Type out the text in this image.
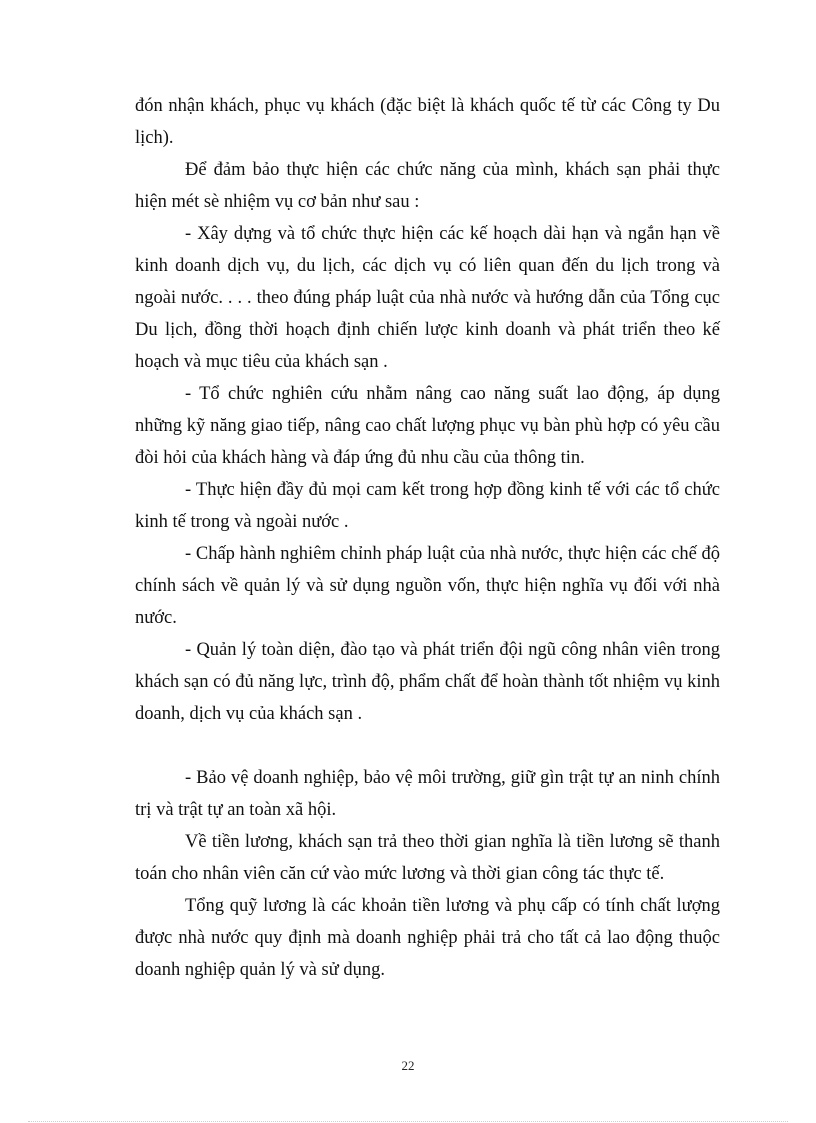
đón nhận khách, phục vụ khách (đặc biệt là khách quốc tế từ các Công ty Du lịch).

Để đảm bảo thực hiện các chức năng của mình, khách sạn phải thực hiện mét sè nhiệm vụ cơ bản như sau :

- Xây dựng và tổ chức thực hiện các kế hoạch dài hạn và ngắn hạn về kinh doanh dịch vụ, du lịch, các dịch vụ có liên quan đến du lịch trong và ngoài nước. . . . theo đúng pháp luật của nhà nước và hướng dẫn của Tổng cục Du lịch, đồng thời hoạch định chiến lược kinh doanh và phát triển theo kế hoạch và mục tiêu của khách sạn .

- Tổ chức nghiên cứu nhằm nâng cao năng suất lao động, áp dụng những kỹ năng giao tiếp, nâng cao chất lượng phục vụ bàn phù hợp có yêu cầu đòi hỏi của khách hàng và đáp ứng đủ nhu cầu của thông tin.

- Thực hiện đầy đủ mọi cam kết trong hợp đồng kinh tế với các tổ chức kinh tế trong và ngoài nước .

- Chấp hành nghiêm chỉnh pháp luật của nhà nước, thực hiện các chế độ chính sách về quản lý và sử dụng nguồn vốn, thực hiện nghĩa vụ đối với nhà nước.

- Quản lý toàn diện, đào tạo và phát triển đội ngũ công nhân viên trong khách sạn có đủ năng lực, trình độ, phẩm chất để hoàn thành tốt nhiệm vụ kinh doanh, dịch vụ của khách sạn .

- Bảo vệ doanh nghiệp, bảo vệ môi trường, giữ gìn trật tự an ninh chính trị và trật tự an toàn xã hội.

Về tiền lương, khách sạn trả theo thời gian nghĩa là tiền lương sẽ thanh toán cho nhân viên căn cứ vào mức lương và thời gian công tác thực tế.

Tổng quỹ lương là các khoản tiền lương và phụ cấp có tính chất lượng được nhà nước quy định mà doanh nghiệp phải trả cho tất cả lao động thuộc doanh nghiệp quản lý và sử dụng.

22
